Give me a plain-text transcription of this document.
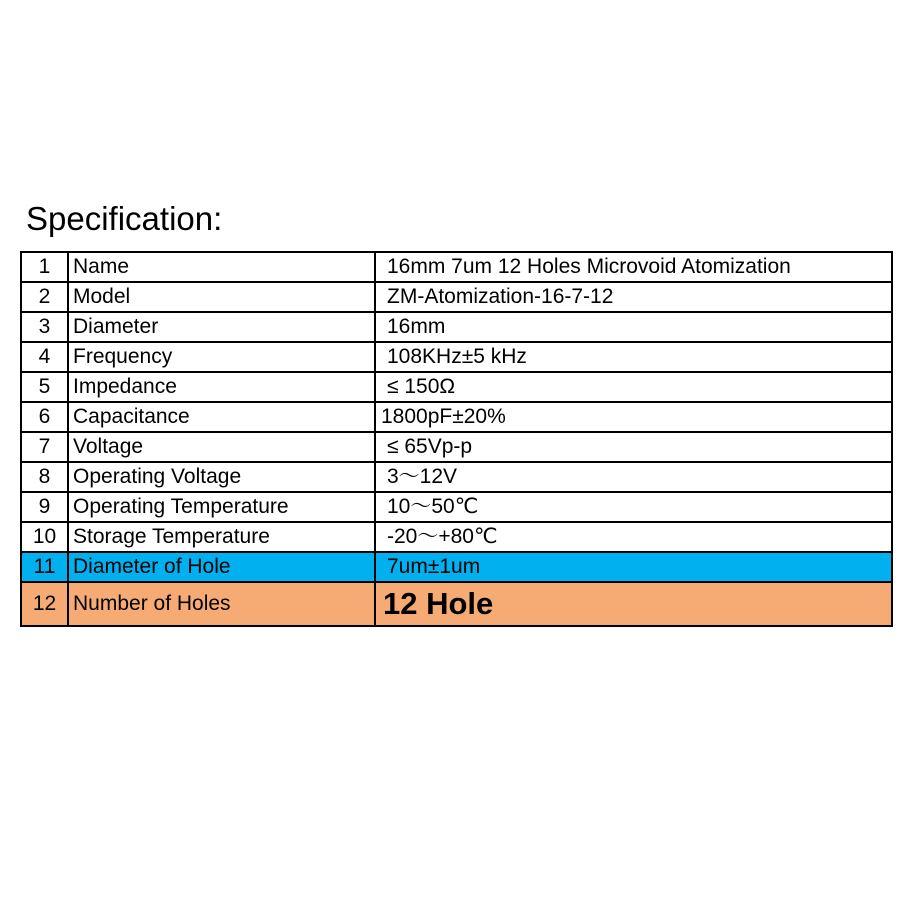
Specification:
1	Name	16mm 7um 12 Holes Microvoid Atomization
2	Model	ZM-Atomization-16-7-12
3	Diameter	16mm
4	Frequency	108KHz±5 kHz
5	Impedance	≤ 150Ω
6	Capacitance	1800pF±20%
7	Voltage	≤ 65Vp-p
8	Operating Voltage	3～12V
9	Operating Temperature	10～50℃
10	Storage Temperature	-20～+80℃
11	Diameter of Hole	7um±1um
12	Number of Holes	12 Hole
